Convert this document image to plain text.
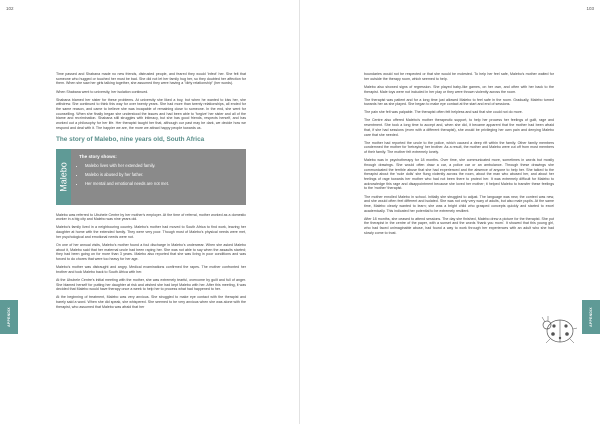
102

Time passed and Shabana made no new friends, distrusted people, and feared they would 'infect' her. She felt that someone who hugged or touched her must be bad. She did not let her family hug her, so they doubted her affection for them. When she saw her girls talking together, she assumed they were having a "dirty relationship" (her words).

When Shabana went to university, her isolation continued.

Shabana blamed her sister for these problems. At university she liked a boy, but when he wanted to kiss her, she withdrew. She continued to think this way for over twenty years. She had more than twenty relationships, all ended for the same reason, and came to believe she was incapable of remaining close to someone. In the end, she went for counselling. When she finally began she understood the issues and had been able to 'forgive' her sister and all of the blame and recrimination. Shabana still struggles with intimacy, but she has good friends, respects herself, and has worked out a philosophy for her life. Her therapist taught her that, although our past may be dark, we decide how we respond and deal with it. The happier we are, the more we attract happy people towards us.

The story of Malebo, nine years old, South Africa
Malebo
The story shows:
• Malebo lives with her extended family.
• Malebo is abused by her father.
• Her mental and emotional needs are not met.

Malebo was referred to Ubuhele Centre by her mother's employer. At the time of referral, mother worked as a domestic worker in a big city and Malebo was nine years old.

Malebo's family lived in a neighbouring country. Malebo's mother had moved to South Africa to find work, leaving her daughter at home with the extended family. They were very poor. Though most of Malebo's physical needs were met, her psychological and emotional needs were not.

On one of her annual visits, Malebo's mother found a foul discharge in Malebo's underwear. When she asked Malebo about it, Malebo said that her maternal uncle had been raping her. She was not able to say when the assaults started; they had been going on for more than 3 years. Malebo also reported that she was living in poor conditions and was forced to do chores that were too heavy for her age.

Malebo's mother was distraught and angry. Medical examinations confirmed the rapes. The mother confronted her brother and took Malebo back to South Africa with her.

At the Ubuhele Centre's initial meeting with the mother, she was extremely tearful, overcome by guilt and full of anger. She blamed herself for putting her daughter at risk and wished she had kept Malebo with her. After this meeting, it was decided that Malebo would have therapy once a week to help her to process what had happened to her.

At the beginning of treatment, Malebo was very anxious. She struggled to make eye contact with the therapist and barely said a word. When she did speak, she whispered. She seemed to be very anxious when she was alone with the therapist, who assumed that Malebo was afraid that her

APPENDIX
103

boundaries would not be respected or that she would be molested. To help her feel safe, Malebo's mother waited for her outside the therapy room, which seemed to help.

Malebo also showed signs of regression. She played baby-like games, on her own, and often with her back to the therapist. Male toys were not included in her play or they were thrown violently across the room.

The therapist was patient and for a long time just allowed Malebo to feel safe in the room. Gradually, Malebo turned towards her as she played. She began to make eye contact at the start and end of sessions.

The pain she felt was palpable. The therapist often felt helpless and sad that she could not do more.

The Centre also offered Malebo's mother therapeutic support, to help her process her feelings of guilt, rage and resentment. She took a long time to accept and, when she did, it became apparent that the mother had been afraid that, if she had sessions (even with a different therapist), she would be privileging her own pain and denying Malebo care that she needed.

The mother had reported the uncle to the police, which caused a deep rift within the family. Other family members condemned the mother for 'betraying' her brother. As a result, the mother and Malebo were cut off from most members of their family. The mother felt extremely lonely.

Malebo was in psychotherapy for 18 months. Over time, she communicated more, sometimes in words but mostly through drawings. She would often draw a car, a police car or an ambulance. Through these drawings she communicated the terrible abuse that she had experienced and the absence of anyone to help her. She talked to the therapist about the 'rude dolls' she flung violently across the room, about the man who abused her, and about her feelings of rage towards her mother who had not been there to protect her. It was extremely difficult for Malebo to acknowledge this rage and disappointment because she loved her mother; it helped Malebo to transfer these feelings to the 'mother' therapist.

The mother enrolled Malebo in school. Initially she struggled to adjust. The language was new, the context was new, and she would often feel different and isolated. She was not only very wary of adults, but also male pupils. At the same time, Malebo clearly wanted to learn; she was a bright child who grasped concepts quickly and started to excel academically. This indicated her potential to be extremely resilient.

After 18 months, she ceased to attend sessions. The day she finished, Malebo drew a picture for the therapist. She put the therapist in the centre of the paper, with a sunset and the words 'thank you mom'. It showed that this young girl, who had faced unimaginable abuse, had found a way to work through her experiences with an adult who she had slowly come to trust.

APPENDIX
